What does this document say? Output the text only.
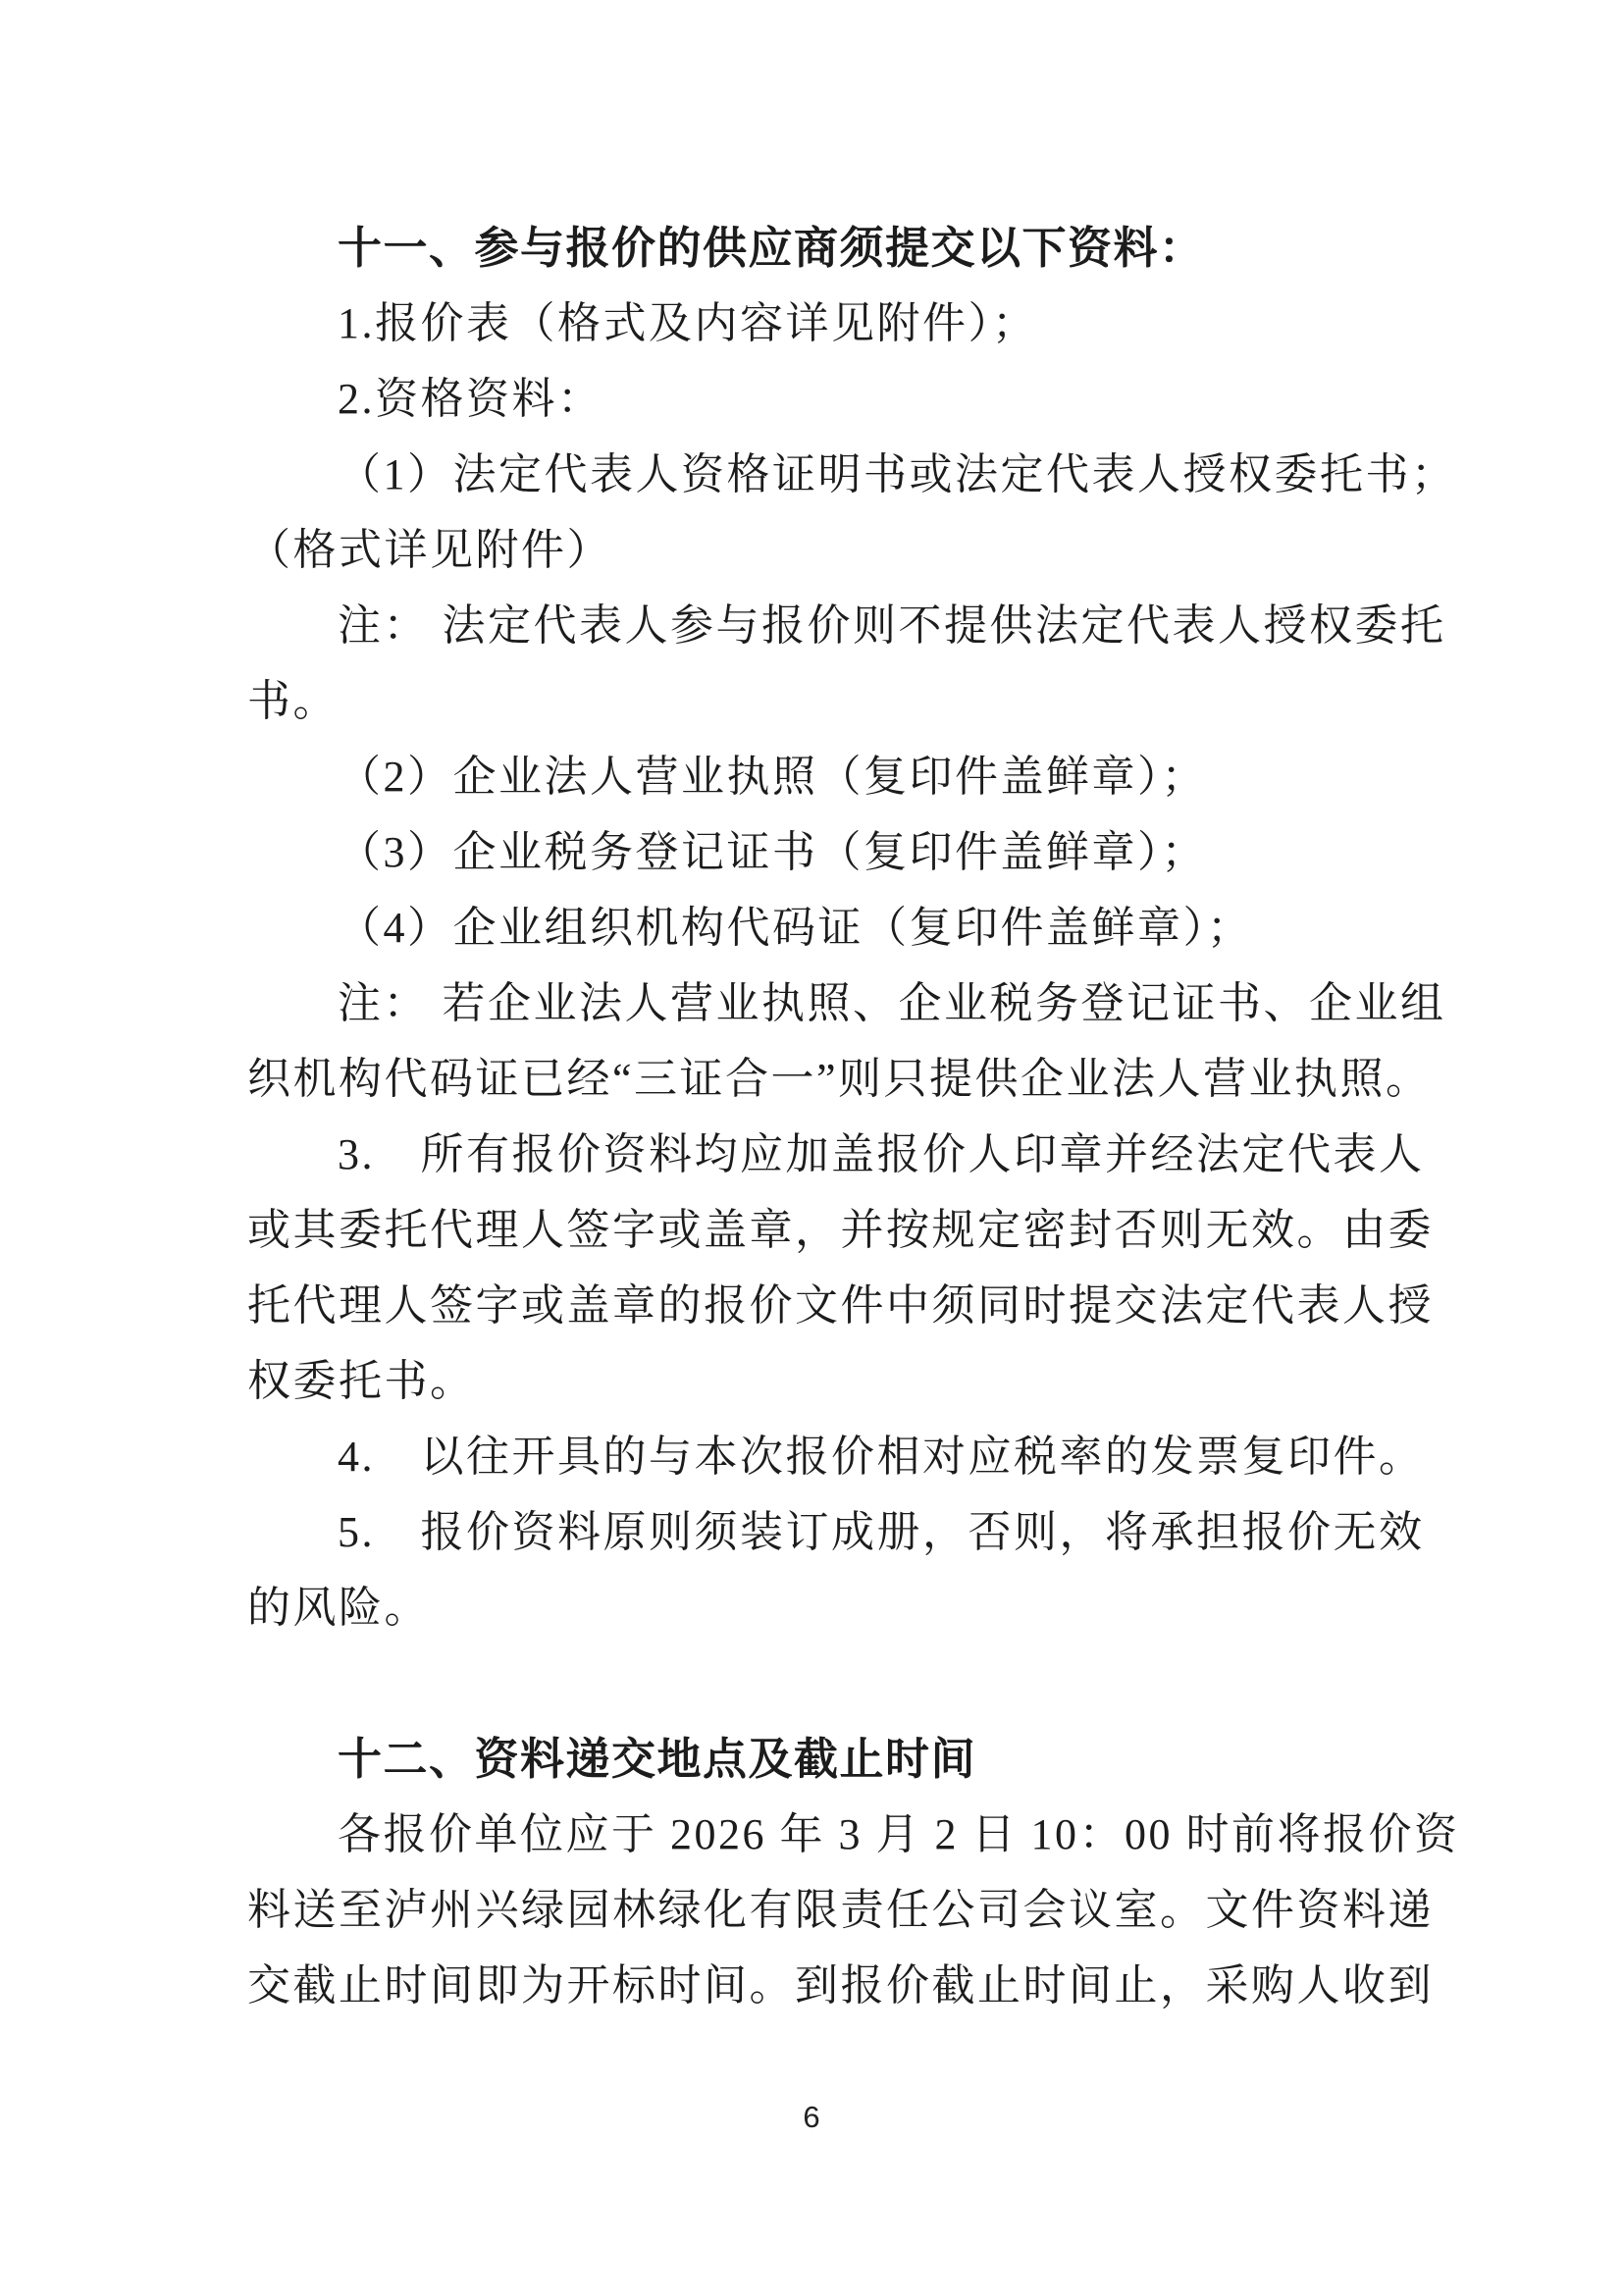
十一、参与报价的供应商须提交以下资料：
1.报价表（格式及内容详见附件）；
2.资格资料：
（1）法定代表人资格证明书或法定代表人授权委托书；
（格式详见附件）
注： 法定代表人参与报价则不提供法定代表人授权委托
书。
（2）企业法人营业执照（复印件盖鲜章）；
（3）企业税务登记证书（复印件盖鲜章）；
（4）企业组织机构代码证（复印件盖鲜章）；
注： 若企业法人营业执照、企业税务登记证书、企业组
织机构代码证已经“三证合一”则只提供企业法人营业执照。
3.　所有报价资料均应加盖报价人印章并经法定代表人
或其委托代理人签字或盖章，并按规定密封否则无效。由委
托代理人签字或盖章的报价文件中须同时提交法定代表人授
权委托书。
4.　以往开具的与本次报价相对应税率的发票复印件。
5.　报价资料原则须装订成册，否则，将承担报价无效
的风险。
十二、资料递交地点及截止时间
各报价单位应于 2026 年 3 月 2 日 10：00 时前将报价资
料送至泸州兴绿园林绿化有限责任公司会议室。文件资料递
交截止时间即为开标时间。到报价截止时间止，采购人收到
6
